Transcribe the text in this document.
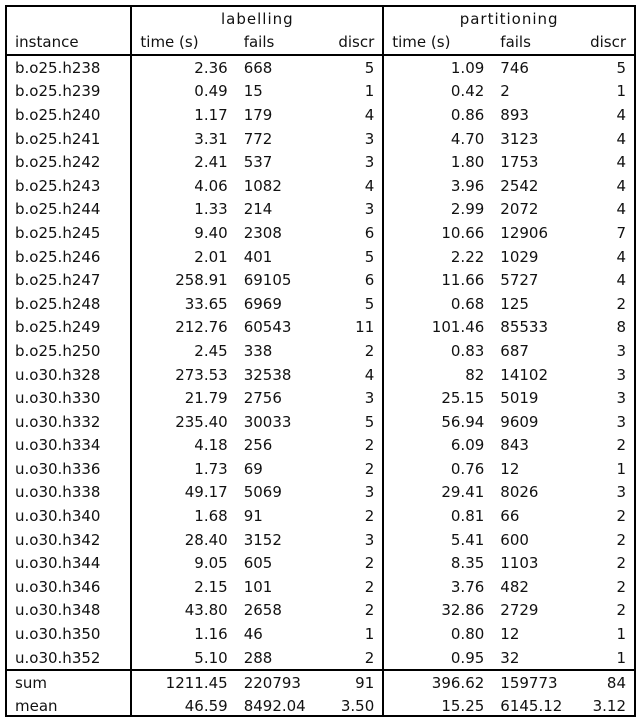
	labelling			partitioning		
instance	time (s)	fails	discr	time (s)	fails	discr
b.o25.h238	2.36	668	5	1.09	746	5
b.o25.h239	0.49	15	1	0.42	2	1
b.o25.h240	1.17	179	4	0.86	893	4
b.o25.h241	3.31	772	3	4.70	3123	4
b.o25.h242	2.41	537	3	1.80	1753	4
b.o25.h243	4.06	1082	4	3.96	2542	4
b.o25.h244	1.33	214	3	2.99	2072	4
b.o25.h245	9.40	2308	6	10.66	12906	7
b.o25.h246	2.01	401	5	2.22	1029	4
b.o25.h247	258.91	69105	6	11.66	5727	4
b.o25.h248	33.65	6969	5	0.68	125	2
b.o25.h249	212.76	60543	11	101.46	85533	8
b.o25.h250	2.45	338	2	0.83	687	3
u.o30.h328	273.53	32538	4	82	14102	3
u.o30.h330	21.79	2756	3	25.15	5019	3
u.o30.h332	235.40	30033	5	56.94	9609	3
u.o30.h334	4.18	256	2	6.09	843	2
u.o30.h336	1.73	69	2	0.76	12	1
u.o30.h338	49.17	5069	3	29.41	8026	3
u.o30.h340	1.68	91	2	0.81	66	2
u.o30.h342	28.40	3152	3	5.41	600	2
u.o30.h344	9.05	605	2	8.35	1103	2
u.o30.h346	2.15	101	2	3.76	482	2
u.o30.h348	43.80	2658	2	32.86	2729	2
u.o30.h350	1.16	46	1	0.80	12	1
u.o30.h352	5.10	288	2	0.95	32	1
sum	1211.45	220793	91	396.62	159773	84
mean	46.59	8492.04	3.50	15.25	6145.12	3.12
